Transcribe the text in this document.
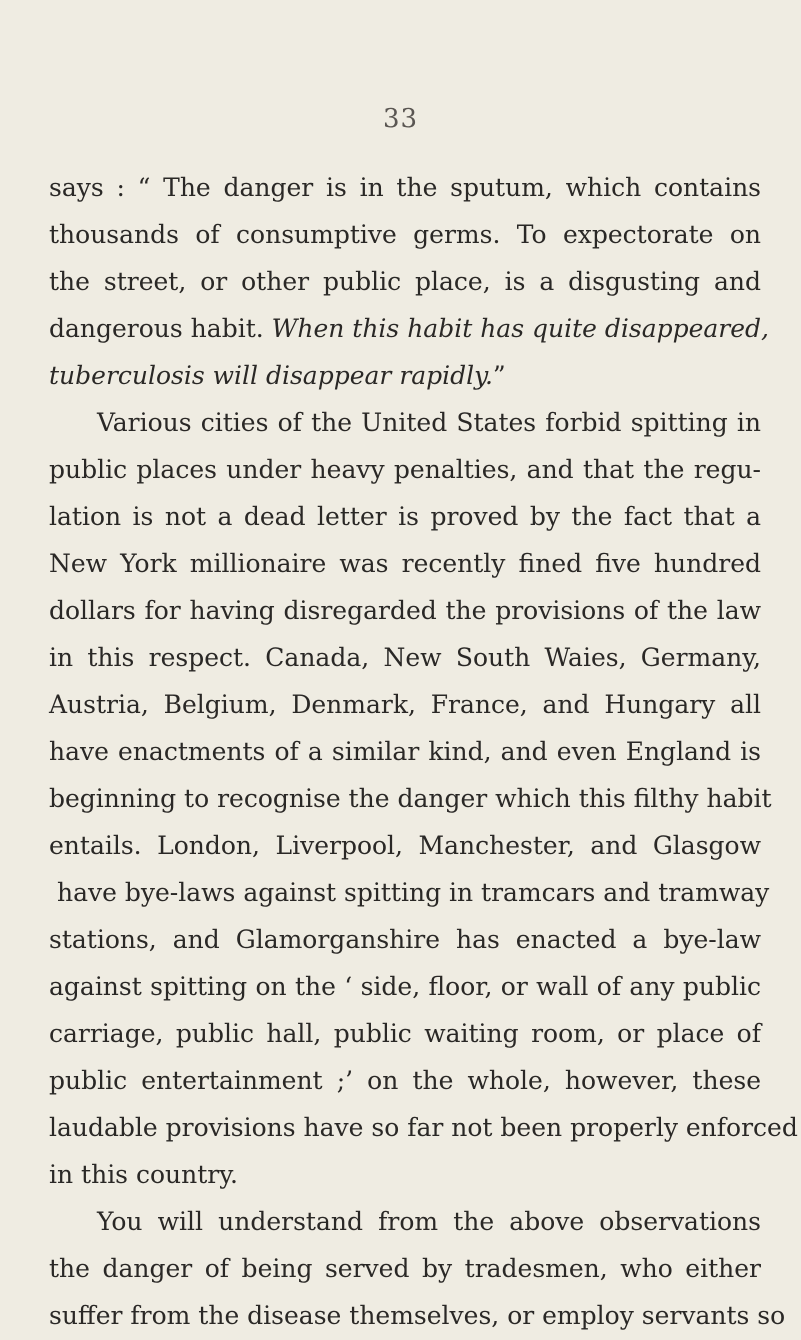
33
says : “ The danger is in the sputum, which contains
thousands of consumptive germs. To expectorate on
the street, or other public place, is a disgusting and
dangerous habit. When this habit has quite disappeared,
tuberculosis will disappear rapidly.”
Various cities of the United States forbid spitting in
public places under heavy penalties, and that the regu-
lation is not a dead letter is proved by the fact that a
New York millionaire was recently fined five hundred
dollars for having disregarded the provisions of the law
in this respect. Canada, New South Waies, Germany,
Austria, Belgium, Denmark, France, and Hungary all
have enactments of a similar kind, and even England is
beginning to recognise the danger which this filthy habit
entails. London, Liverpool, Manchester, and Glasgow
have bye-laws against spitting in tramcars and tramway
stations, and Glamorganshire has enacted a bye-law
against spitting on the ‘ side, floor, or wall of any public
carriage, public hall, public waiting room, or place of
public entertainment ;’ on the whole, however, these
laudable provisions have so far not been properly enforced
in this country.
You will understand from the above observations
the danger of being served by tradesmen, who either
suffer from the disease themselves, or employ servants so
